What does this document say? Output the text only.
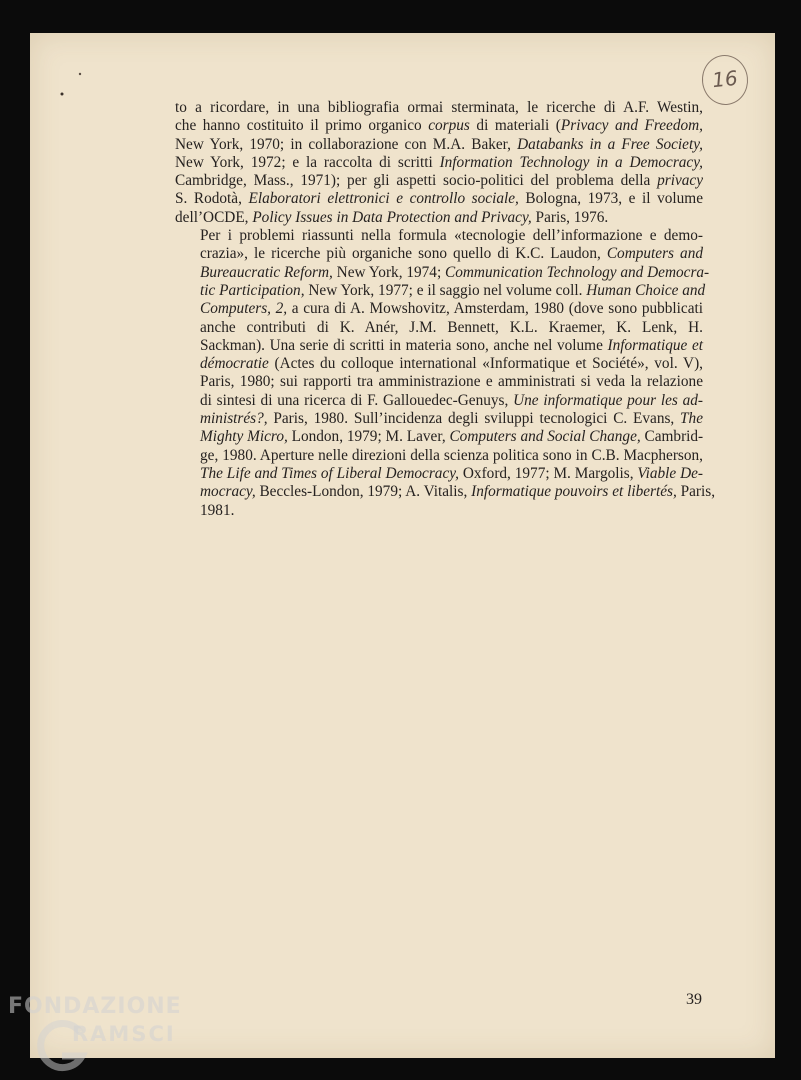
16

to a ricordare, in una bibliografia ormai sterminata, le ricerche di A.F. Westin,
che hanno costituito il primo organico corpus di materiali (Privacy and Freedom,
New York, 1970; in collaborazione con M.A. Baker, Databanks in a Free Society,
New York, 1972; e la raccolta di scritti Information Technology in a Democracy,
Cambridge, Mass., 1971); per gli aspetti socio-politici del problema della privacy
S. Rodotà, Elaboratori elettronici e controllo sociale, Bologna, 1973, e il volume
dell’OCDE, Policy Issues in Data Protection and Privacy, Paris, 1976.

Per i problemi riassunti nella formula «tecnologie dell’informazione e demo-
crazia», le ricerche più organiche sono quello di K.C. Laudon, Computers and
Bureaucratic Reform, New York, 1974; Communication Technology and Democra-
tic Participation, New York, 1977; e il saggio nel volume coll. Human Choice and
Computers, 2, a cura di A. Mowshovitz, Amsterdam, 1980 (dove sono pubblicati
anche contributi di K. Anér, J.M. Bennett, K.L. Kraemer, K. Lenk, H.
Sackman). Una serie di scritti in materia sono, anche nel volume Informatique et
démocratie (Actes du colloque international «Informatique et Société», vol. V),
Paris, 1980; sui rapporti tra amministrazione e amministrati si veda la relazione
di sintesi di una ricerca di F. Gallouedec-Genuys, Une informatique pour les ad-
ministrés?, Paris, 1980. Sull’incidenza degli sviluppi tecnologici C. Evans, The
Mighty Micro, London, 1979; M. Laver, Computers and Social Change, Cambrid-
ge, 1980. Aperture nelle direzioni della scienza politica sono in C.B. Macpherson,
The Life and Times of Liberal Democracy, Oxford, 1977; M. Margolis, Viable De-
mocracy, Beccles-London, 1979; A. Vitalis, Informatique pouvoirs et libertés, Paris,
1981.

39
FONDAZIONE
RAMSCI
